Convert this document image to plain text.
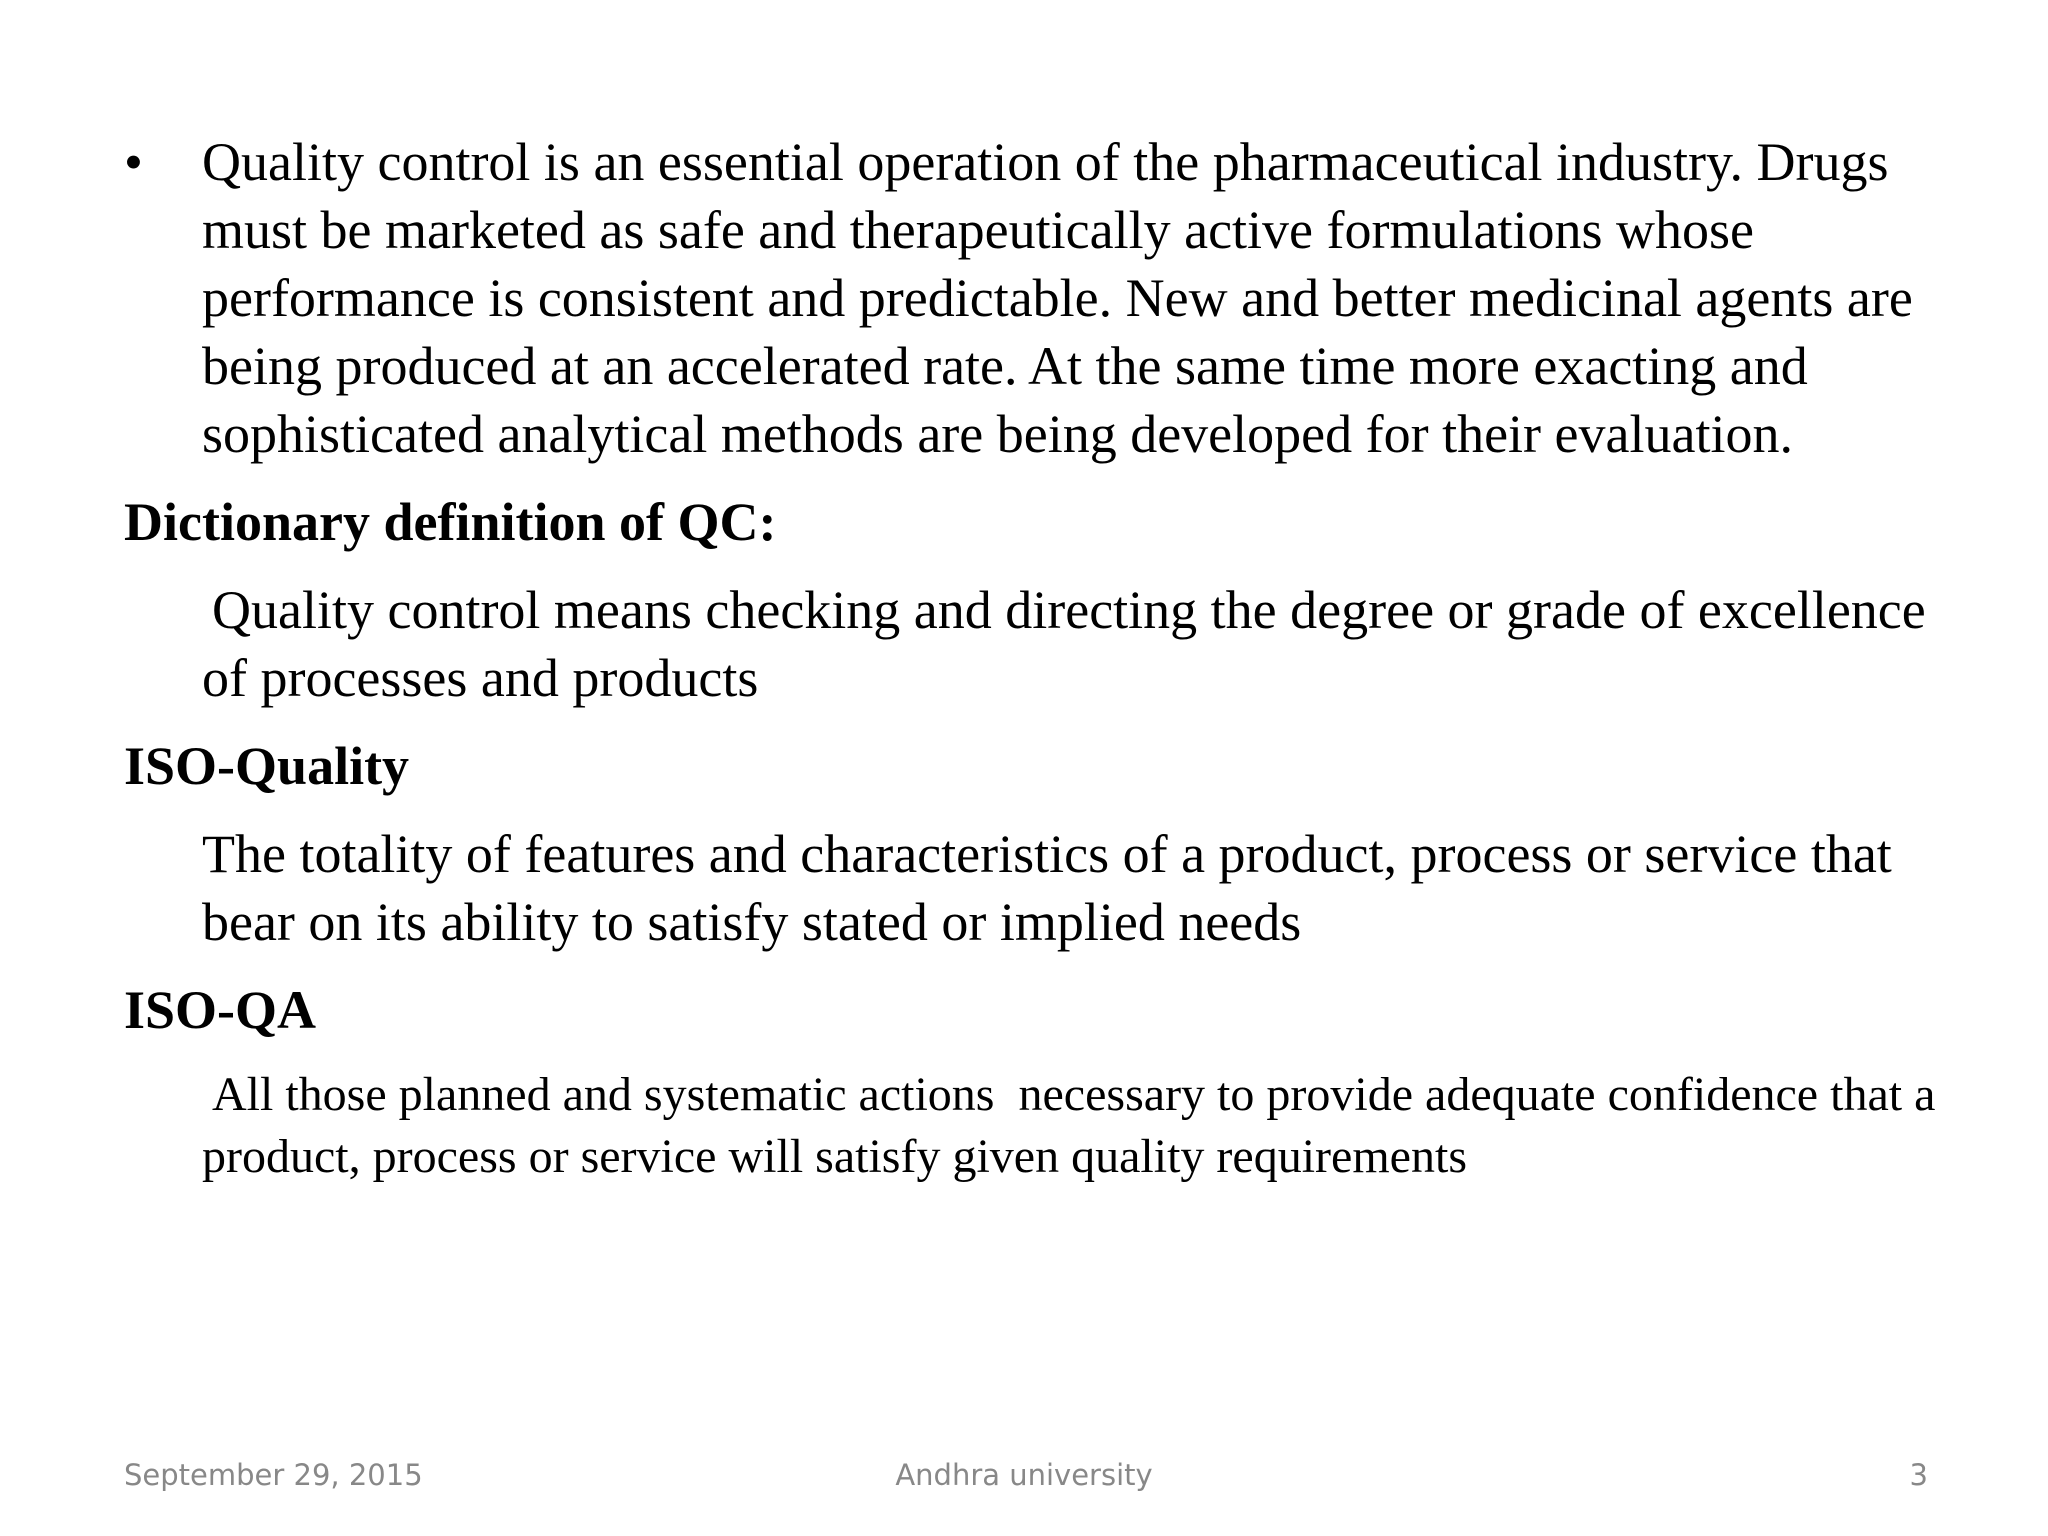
•	Quality control is an essential operation of the pharmaceutical industry. Drugs must be marketed as safe and therapeutically active formulations whose performance is consistent and predictable. New and better medicinal agents are being produced at an accelerated rate. At the same time more exacting and sophisticated analytical methods are being developed for their evaluation.
Dictionary definition of QC:
Quality control means checking and directing the degree or grade of excellence of processes and products
ISO-Quality
The totality of features and characteristics of a product, process or service that bear on its ability to satisfy stated or implied needs
ISO-QA
All those planned and systematic actions  necessary to provide adequate confidence that a product, process or service will satisfy given quality requirements
September 29, 2015	Andhra university	3
